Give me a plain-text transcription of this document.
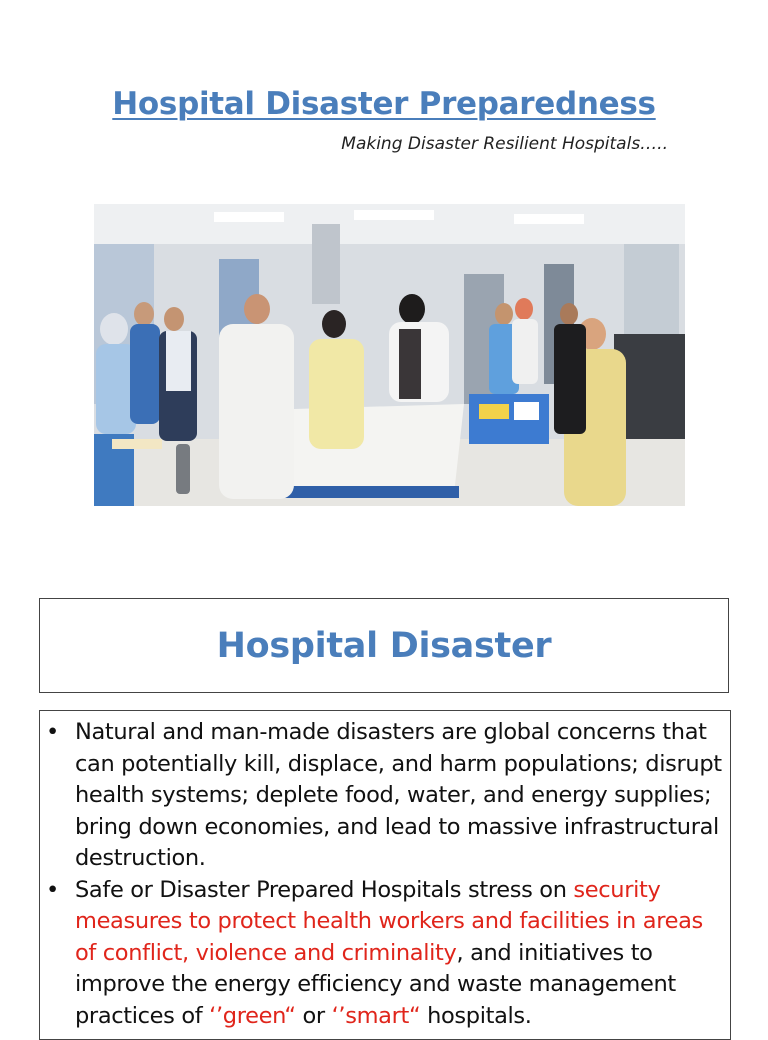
Hospital Disaster Preparedness
Making Disaster Resilient Hospitals…..
Hospital Disaster
• Natural and man-made disasters are global concerns that can potentially kill, displace, and harm populations; disrupt health systems; deplete food, water, and energy supplies; bring down economies, and lead to massive infrastructural destruction.
• Safe or Disaster Prepared Hospitals stress on security measures to protect health workers and facilities in areas of conflict, violence and criminality, and initiatives to improve the energy efficiency and waste management practices of ‘’green“ or ‘’smart“ hospitals.
